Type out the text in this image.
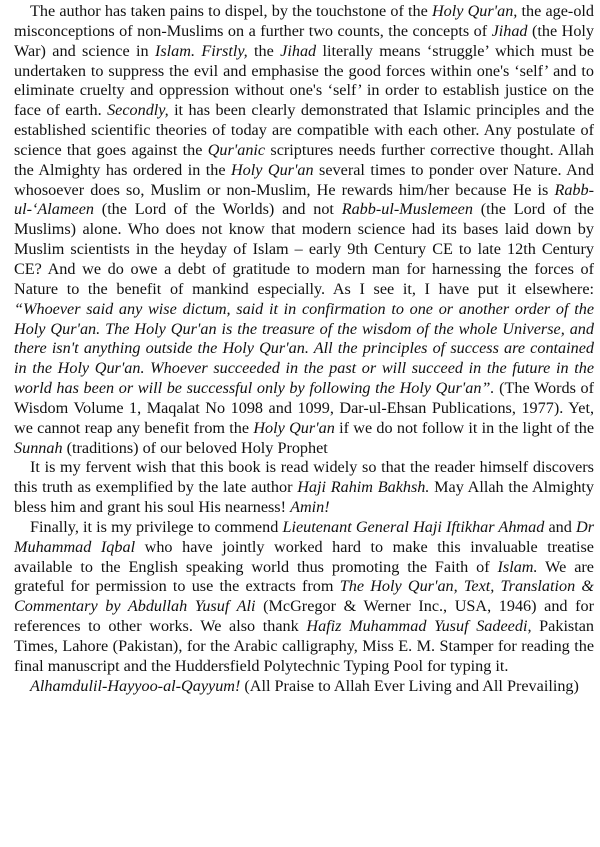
The author has taken pains to dispel, by the touchstone of the Holy Qur'an, the age-old misconceptions of non-Muslims on a further two counts, the concepts of Jihad (the Holy War) and science in Islam. Firstly, the Jihad literally means ‘struggle’ which must be undertaken to suppress the evil and emphasise the good forces within one's ‘self’ and to eliminate cruelty and oppression without one's ‘self’ in order to establish justice on the face of earth. Secondly, it has been clearly demonstrated that Islamic principles and the established scientific theories of today are compatible with each other. Any postulate of science that goes against the Qur'anic scriptures needs further corrective thought. Allah the Almighty has ordered in the Holy Qur'an several times to ponder over Nature. And whosoever does so, Muslim or non-Muslim, He rewards him/her because He is Rabb-ul-‘Alameen (the Lord of the Worlds) and not Rabb-ul-Muslemeen (the Lord of the Muslims) alone. Who does not know that modern science had its bases laid down by Muslim scientists in the heyday of Islam – early 9th Century CE to late 12th Century CE? And we do owe a debt of gratitude to modern man for harnessing the forces of Nature to the benefit of mankind especially. As I see it, I have put it elsewhere: “Whoever said any wise dictum, said it in confirmation to one or another order of the Holy Qur'an. The Holy Qur'an is the treasure of the wisdom of the whole Universe, and there isn't anything outside the Holy Qur'an. All the principles of success are contained in the Holy Qur'an. Whoever succeeded in the past or will succeed in the future in the world has been or will be successful only by following the Holy Qur'an”. (The Words of Wisdom Volume 1, Maqalat No 1098 and 1099, Dar-ul-Ehsan Publications, 1977). Yet, we cannot reap any benefit from the Holy Qur'an if we do not follow it in the light of the Sunnah (traditions) of our beloved Holy Prophet

It is my fervent wish that this book is read widely so that the reader himself discovers this truth as exemplified by the late author Haji Rahim Bakhsh. May Allah the Almighty bless him and grant his soul His nearness! Amin!

Finally, it is my privilege to commend Lieutenant General Haji Iftikhar Ahmad and Dr Muhammad Iqbal who have jointly worked hard to make this invaluable treatise available to the English speaking world thus promoting the Faith of Islam. We are grateful for permission to use the extracts from The Holy Qur'an, Text, Translation & Commentary by Abdullah Yusuf Ali (McGregor & Werner Inc., USA, 1946) and for references to other works. We also thank Hafiz Muhammad Yusuf Sadeedi, Pakistan Times, Lahore (Pakistan), for the Arabic calligraphy, Miss E. M. Stamper for reading the final manuscript and the Huddersfield Polytechnic Typing Pool for typing it.

Alhamdulil-Hayyoo-al-Qayyum! (All Praise to Allah Ever Living and All Prevailing)
